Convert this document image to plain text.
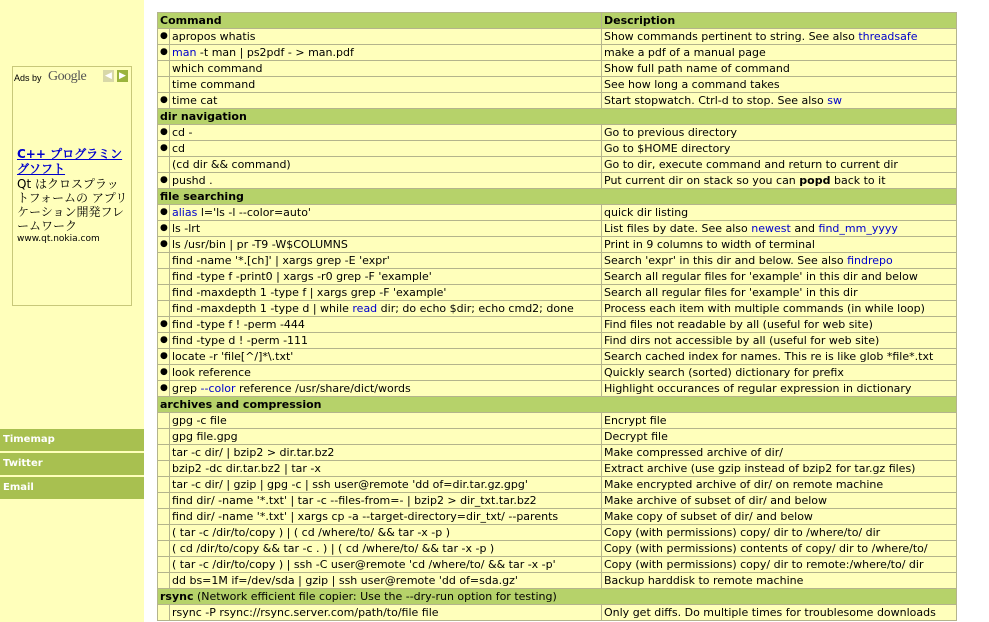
Ads by Google ◀ ▶
C++ プログラミングソフト
Qt はクロスプラットフォームの アプリケーション開発フレームワーク
www.qt.nokia.com
Timemap
Twitter
Email
Command		Description
●	apropos whatis	Show commands pertinent to string. See also threadsafe
●	man -t man | ps2pdf - > man.pdf	make a pdf of a manual page
	which command	Show full path name of command
	time command	See how long a command takes
●	time cat	Start stopwatch. Ctrl-d to stop. See also sw
dir navigation		
●	cd -	Go to previous directory
●	cd	Go to $HOME directory
	(cd dir && command)	Go to dir, execute command and return to current dir
●	pushd .	Put current dir on stack so you can popd back to it
file searching		
●	alias l='ls -l --color=auto'	quick dir listing
●	ls -lrt	List files by date. See also newest and find_mm_yyyy
●	ls /usr/bin | pr -T9 -W$COLUMNS	Print in 9 columns to width of terminal
	find -name '*.[ch]' | xargs grep -E 'expr'	Search 'expr' in this dir and below. See also findrepo
	find -type f -print0 | xargs -r0 grep -F 'example'	Search all regular files for 'example' in this dir and below
	find -maxdepth 1 -type f | xargs grep -F 'example'	Search all regular files for 'example' in this dir
	find -maxdepth 1 -type d | while read dir; do echo $dir; echo cmd2; done	Process each item with multiple commands (in while loop)
●	find -type f ! -perm -444	Find files not readable by all (useful for web site)
●	find -type d ! -perm -111	Find dirs not accessible by all (useful for web site)
●	locate -r 'file[^/]*\.txt'	Search cached index for names. This re is like glob *file*.txt
●	look reference	Quickly search (sorted) dictionary for prefix
●	grep --color reference /usr/share/dict/words	Highlight occurances of regular expression in dictionary
archives and compression		
	gpg -c file	Encrypt file
	gpg file.gpg	Decrypt file
	tar -c dir/ | bzip2 > dir.tar.bz2	Make compressed archive of dir/
	bzip2 -dc dir.tar.bz2 | tar -x	Extract archive (use gzip instead of bzip2 for tar.gz files)
	tar -c dir/ | gzip | gpg -c | ssh user@remote 'dd of=dir.tar.gz.gpg'	Make encrypted archive of dir/ on remote machine
	find dir/ -name '*.txt' | tar -c --files-from=- | bzip2 > dir_txt.tar.bz2	Make archive of subset of dir/ and below
	find dir/ -name '*.txt' | xargs cp -a --target-directory=dir_txt/ --parents	Make copy of subset of dir/ and below
	( tar -c /dir/to/copy ) | ( cd /where/to/ && tar -x -p )	Copy (with permissions) copy/ dir to /where/to/ dir
	( cd /dir/to/copy && tar -c . ) | ( cd /where/to/ && tar -x -p )	Copy (with permissions) contents of copy/ dir to /where/to/
	( tar -c /dir/to/copy ) | ssh -C user@remote 'cd /where/to/ && tar -x -p'	Copy (with permissions) copy/ dir to remote:/where/to/ dir
	dd bs=1M if=/dev/sda | gzip | ssh user@remote 'dd of=sda.gz'	Backup harddisk to remote machine
rsync (Network efficient file copier: Use the --dry-run option for testing)		
	rsync -P rsync://rsync.server.com/path/to/file file	Only get diffs. Do multiple times for troublesome downloads
